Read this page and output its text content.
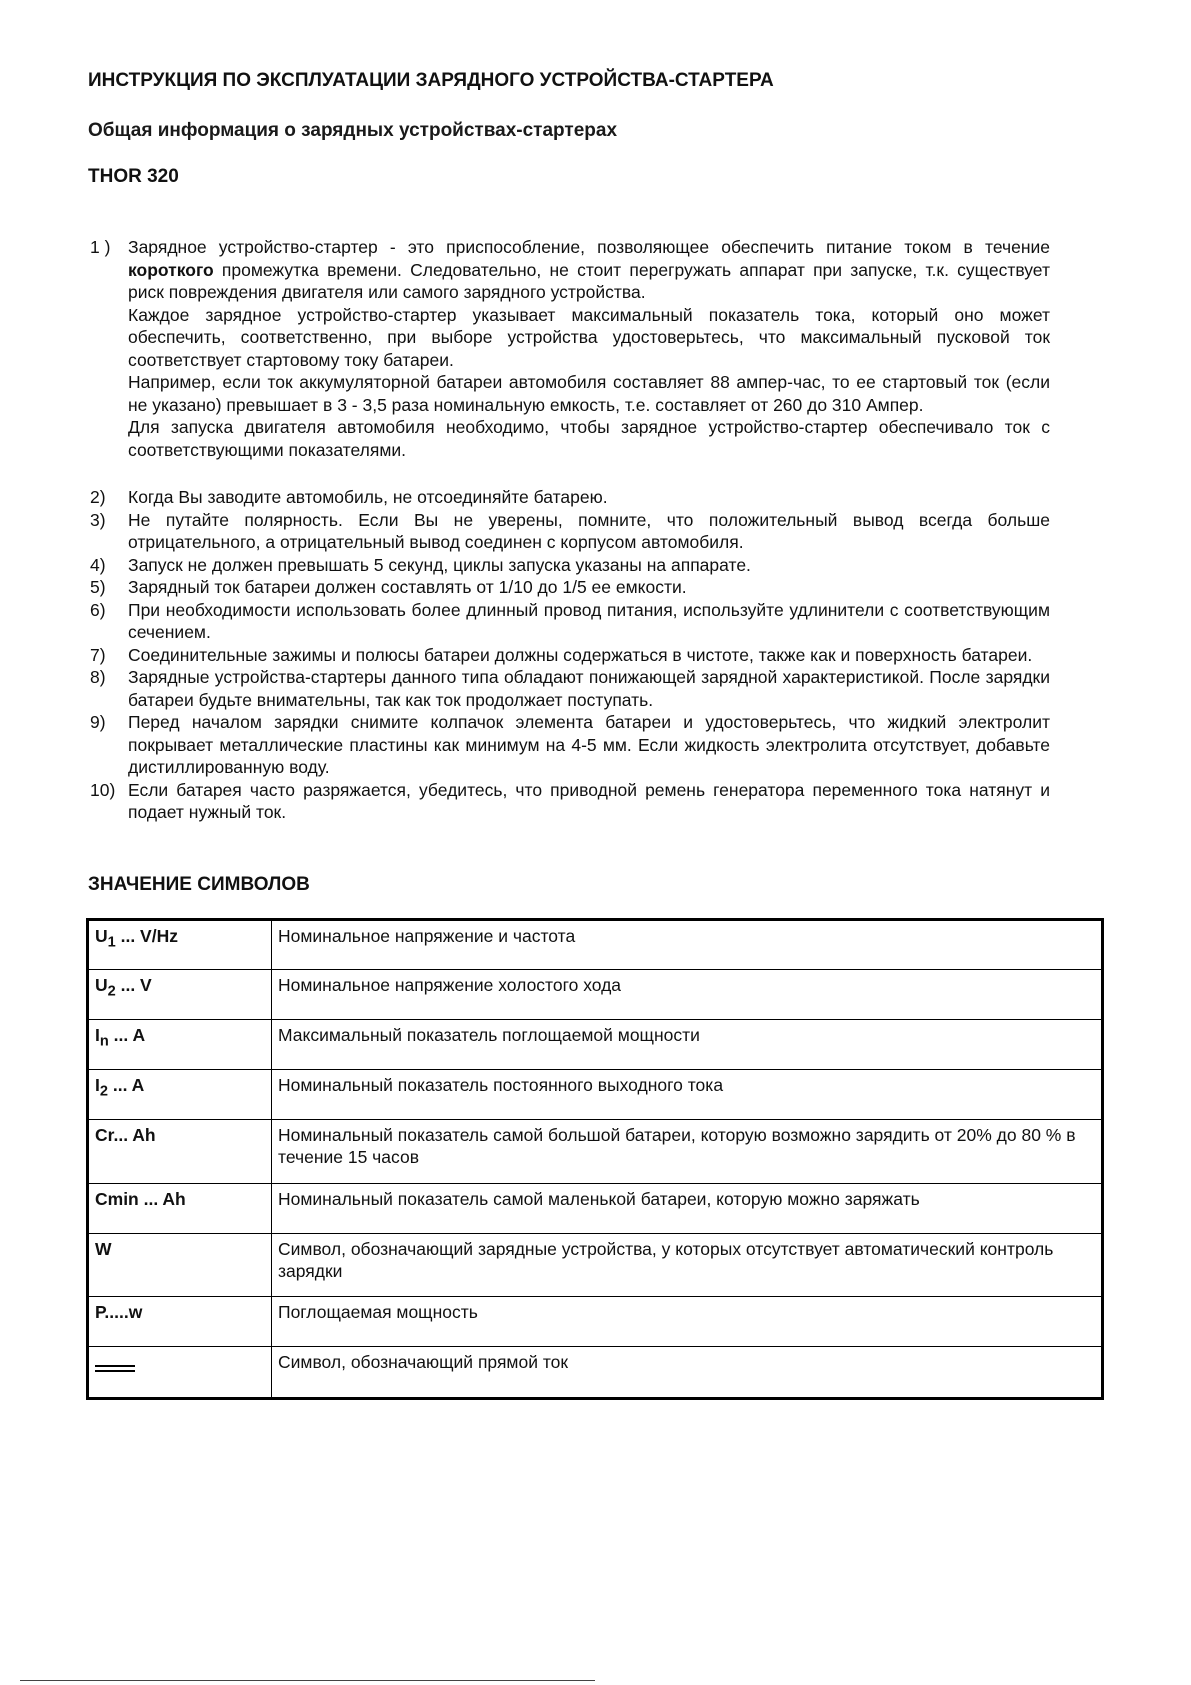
ИНСТРУКЦИЯ ПО ЭКСПЛУАТАЦИИ ЗАРЯДНОГО УСТРОЙСТВА-СТАРТЕРА
Общая информация о зарядных устройствах-стартерах
THOR 320
1 )	Зарядное устройство-стартер - это приспособление, позволяющее обеспечить питание током в течение короткого промежутка времени. Следовательно, не стоит перегружать аппарат при запуске, т.к. существует риск повреждения двигателя или самого зарядного устройства.

Каждое зарядное устройство-стартер указывает максимальный показатель тока, который оно может обеспечить, соответственно, при выборе устройства удостоверьтесь, что максимальный пусковой ток соответствует стартовому току батареи.

Например, если ток аккумуляторной батареи автомобиля составляет 88 ампер-час, то ее стартовый ток (если не указано) превышает в 3 - 3,5 раза номинальную емкость, т.е. составляет от 260 до 310 Ампер.

Для запуска двигателя автомобиля необходимо, чтобы зарядное устройство-стартер обеспечивало ток с соответствующими показателями.

2)	Когда Вы заводите автомобиль, не отсоединяйте батарею.
3)	Не путайте полярность. Если Вы не уверены, помните, что положительный вывод всегда больше отрицательного, а отрицательный вывод соединен с корпусом автомобиля.
4)	Запуск не должен превышать 5 секунд, циклы запуска указаны на аппарате.
5)	Зарядный ток батареи должен составлять от 1/10 до 1/5 ее емкости.
6)	При необходимости использовать более длинный провод питания, используйте удлинители с соответствующим сечением.
7)	Соединительные зажимы и полюсы батареи должны содержаться в чистоте, также как и поверхность батареи.
8)	Зарядные устройства-стартеры данного типа обладают понижающей зарядной характеристикой. После зарядки батареи будьте внимательны, так как ток продолжает поступать.
9)	Перед началом зарядки снимите колпачок элемента батареи и удостоверьтесь, что жидкий электролит покрывает металлические пластины как минимум на 4-5 мм. Если жидкость электролита отсутствует, добавьте дистиллированную воду.
10) Если батарея часто разряжается, убедитесь, что приводной ремень генератора переменного тока натянут и подает нужный ток.
ЗНАЧЕНИЕ СИМВОЛОВ
$U_1$ ... V/Hz	Номинальное напряжение и частота
$U_2$ ... V	Номинальное напряжение холостого хода
$I_n$ ... A	Максимальный показатель поглощаемой мощности
$I_2$ ... A	Номинальный показатель постоянного выходного тока
Cr... Ah	Номинальный показатель самой большой батареи, которую возможно зарядить от 20% до 80 % в течение 15 часов
Cmin ... Ah	Номинальный показатель самой маленькой батареи, которую можно заряжать
W	Символ, обозначающий зарядные устройства, у которых отсутствует автоматический контроль зарядки
P.....w	Поглощаемая мощность

	Символ, обозначающий прямой ток
